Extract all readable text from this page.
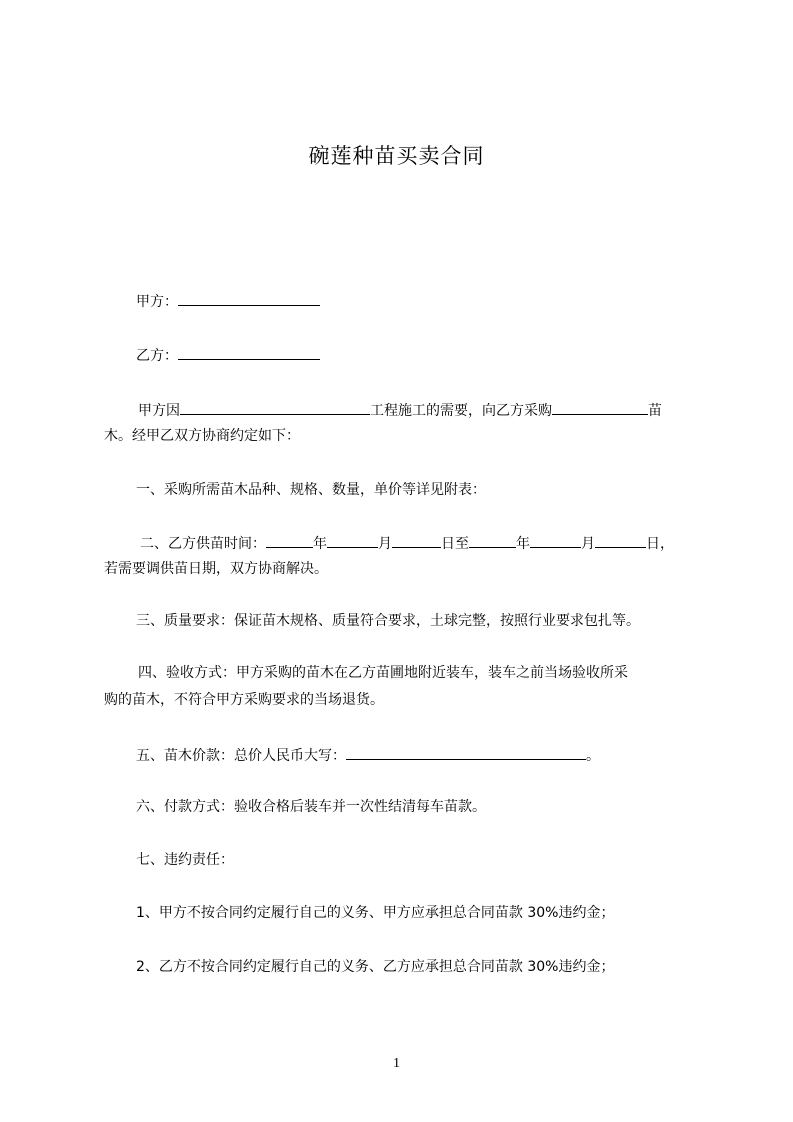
碗莲种苗买卖合同
甲方：
乙方：
甲方因	工程施工的需要，向乙方采购	苗
木。经甲乙双方协商约定如下：
一、采购所需苗木品种、规格、数量，单价等详见附表：
二、乙方供苗时间：	年	月	日至	年	月	日，
若需要调供苗日期，双方协商解决。
三、质量要求：保证苗木规格、质量符合要求，土球完整，按照行业要求包扎等。
四、验收方式：甲方采购的苗木在乙方苗圃地附近装车，装车之前当场验收所采
购的苗木，不符合甲方采购要求的当场退货。
五、苗木价款：总价人民币大写：	。
六、付款方式：验收合格后装车并一次性结清每车苗款。
七、违约责任：
1、甲方不按合同约定履行自己的义务、甲方应承担总合同苗款 30%违约金；
2、乙方不按合同约定履行自己的义务、乙方应承担总合同苗款 30%违约金；
1
